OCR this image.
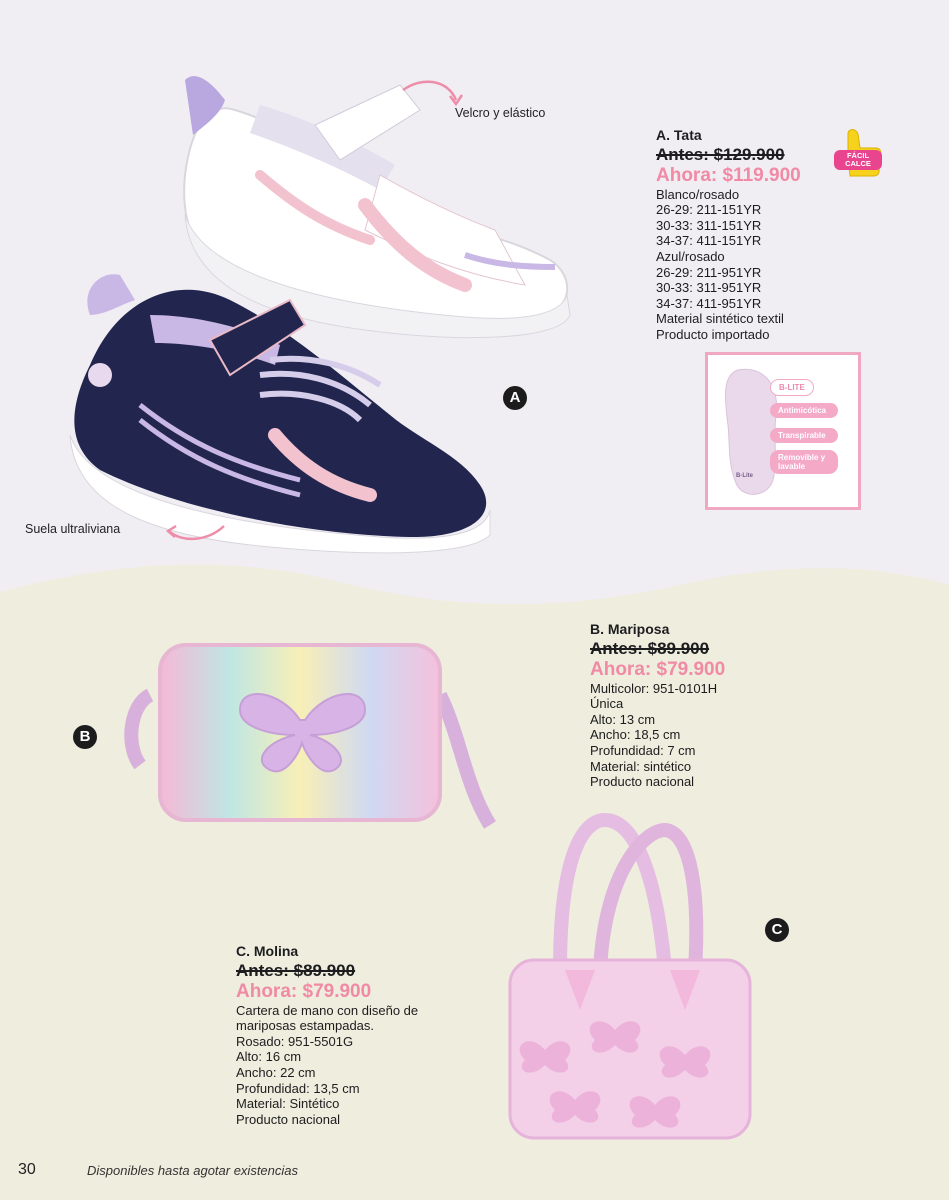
Velcro y elástico
Suela ultraliviana
A
A. Tata
Antes: $129.900
Ahora: $119.900
Blanco/rosado
26-29: 211-151YR
30-33: 311-151YR
34-37: 411-151YR
Azul/rosado
26-29: 211-951YR
30-33: 311-951YR
34-37: 411-951YR
Material sintético textil
Producto importado
FÁCIL CALCE
B-Lite
B-LITE
Antimicótica
Transpirable
Removible y lavable
B
B. Mariposa
Antes: $89.900
Ahora: $79.900
Multicolor: 951-0101H
Única
Alto: 13 cm
Ancho: 18,5 cm
Profundidad: 7 cm
Material: sintético
Producto nacional
C
C. Molina
Antes: $89.900
Ahora: $79.900
Cartera de mano con diseño de
mariposas estampadas.
Rosado: 951-5501G
Alto: 16 cm
Ancho: 22 cm
Profundidad: 13,5 cm
Material: Sintético
Producto nacional
30	Disponibles hasta agotar existencias
